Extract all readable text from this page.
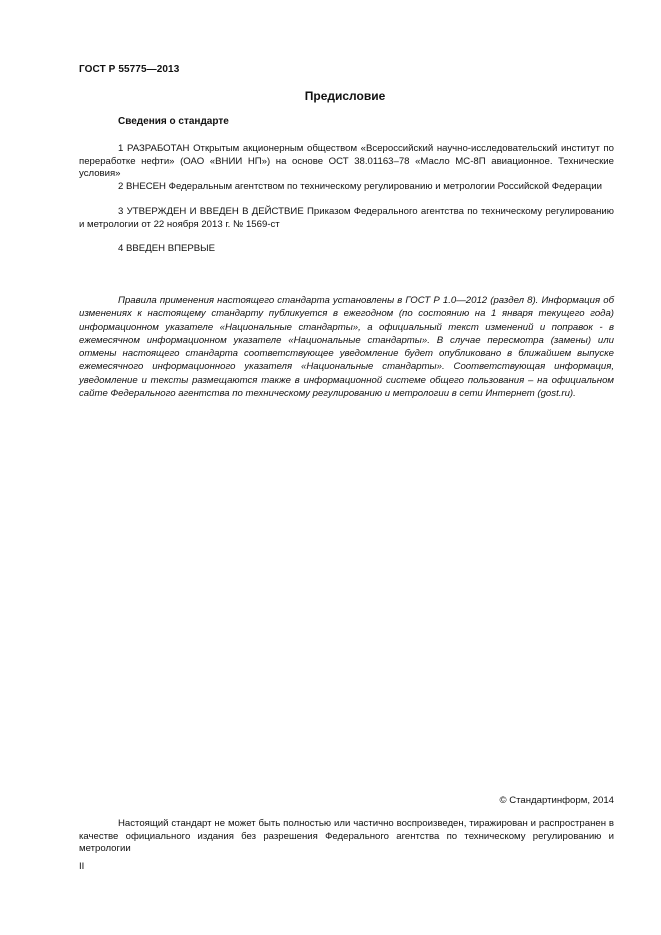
ГОСТ Р 55775—2013
Предисловие
Сведения о стандарте

1 РАЗРАБОТАН Открытым акционерным обществом «Всероссийский научно-исследовательский институт по переработке нефти» (ОАО «ВНИИ НП») на основе ОСТ 38.01163–78 «Масло МС-8П авиационное. Технические условия»

2 ВНЕСЕН Федеральным агентством по техническому регулированию и метрологии Российской Федерации

3 УТВЕРЖДЕН И ВВЕДЕН В ДЕЙСТВИЕ Приказом Федерального агентства по техническому регулированию и метрологии от 22 ноября 2013 г. № 1569-ст

4 ВВЕДЕН ВПЕРВЫЕ

Правила применения настоящего стандарта установлены в ГОСТ Р 1.0—2012 (раздел 8). Информация об изменениях к настоящему стандарту публикуется в ежегодном (по состоянию на 1 января текущего года) информационном указателе «Национальные стандарты», а официальный текст изменений и поправок - в ежемесячном информационном указателе «Национальные стандарты». В случае пересмотра (замены) или отмены настоящего стандарта соответствующее уведомление будет опубликовано в ближайшем выпуске ежемесячного информационного указателя «Национальные стандарты». Соответствующая информация, уведомление и тексты размещаются также в информационной системе общего пользования – на официальном сайте Федерального агентства по техническому регулированию и метрологии в сети Интернет (gost.ru).

© Стандартинформ, 2014

Настоящий стандарт не может быть полностью или частично воспроизведен, тиражирован и распространен в качестве официального издания без разрешения Федерального агентства по техническому регулированию и метрологии

II
